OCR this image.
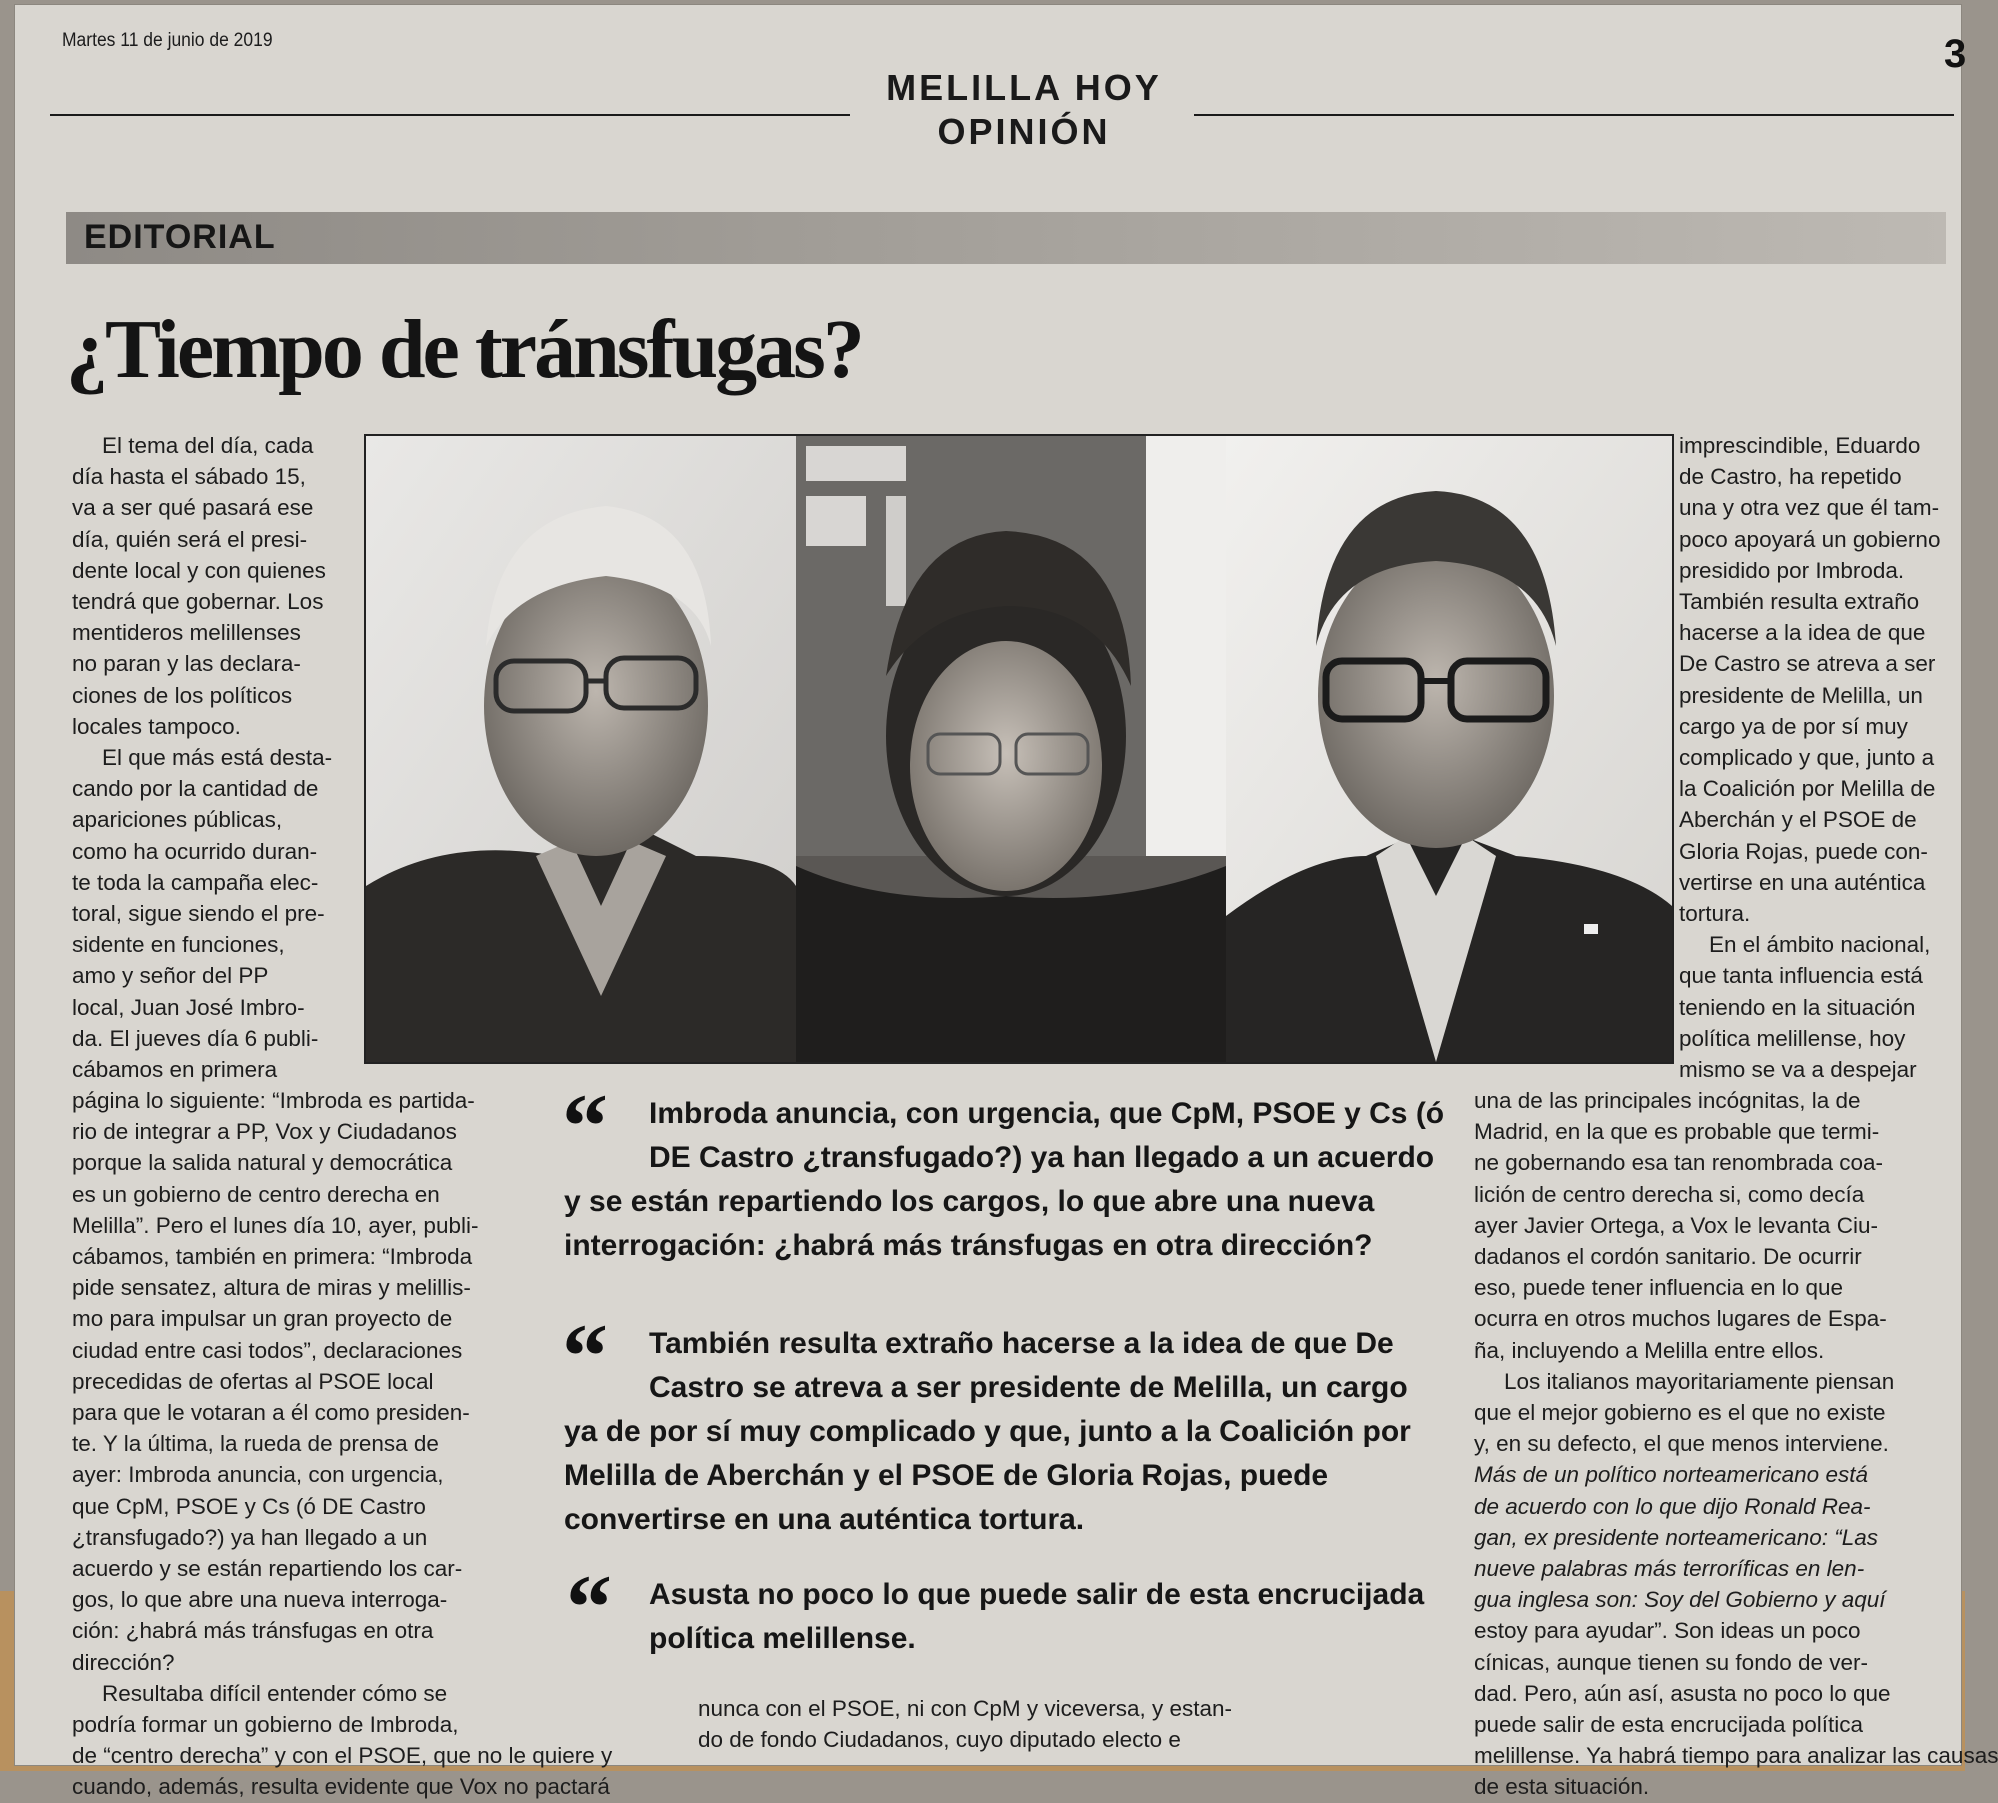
Martes 11 de junio de 2019	3
MELILLA HOY
OPINIÓN
EDITORIAL
¿Tiempo de tránsfugas?
El tema del día, cada
día hasta el sábado 15,
va a ser qué pasará ese
día, quién será el presi-
dente local y con quienes
tendrá que gobernar. Los
mentideros melillenses
no paran y las declara-
ciones de los políticos
locales tampoco.
El que más está desta-
cando por la cantidad de
apariciones públicas,
como ha ocurrido duran-
te toda la campaña elec-
toral, sigue siendo el pre-
sidente en funciones,
amo y señor del PP
local, Juan José Imbro-
da. El jueves día 6 publi-
cábamos en primera
página lo siguiente: “Imbroda es partida-
rio de integrar a PP, Vox y Ciudadanos
porque la salida natural y democrática
es un gobierno de centro derecha en
Melilla”. Pero el lunes día 10, ayer, publi-
cábamos, también en primera: “Imbroda
pide sensatez, altura de miras y melillis-
mo para impulsar un gran proyecto de
ciudad entre casi todos”, declaraciones
precedidas de ofertas al PSOE local
para que le votaran a él como presiden-
te. Y la última, la rueda de prensa de
ayer: Imbroda anuncia, con urgencia,
que CpM, PSOE y Cs (ó DE Castro
¿transfugado?) ya han llegado a un
acuerdo y se están repartiendo los car-
gos, lo que abre una nueva interroga-
ción: ¿habrá más tránsfugas en otra
dirección?
Resultaba difícil entender cómo se
podría formar un gobierno de Imbroda,
de “centro derecha” y con el PSOE, que no le quiere y
cuando, además, resulta evidente que Vox no pactará
nunca con el PSOE, ni con CpM y viceversa, y estan-
do de fondo Ciudadanos, cuyo diputado electo e
imprescindible, Eduardo
de Castro, ha repetido
una y otra vez que él tam-
poco apoyará un gobierno
presidido por Imbroda.
También resulta extraño
hacerse a la idea de que
De Castro se atreva a ser
presidente de Melilla, un
cargo ya de por sí muy
complicado y que, junto a
la Coalición por Melilla de
Aberchán y el PSOE de
Gloria Rojas, puede con-
vertirse en una auténtica
tortura.
En el ámbito nacional,
que tanta influencia está
teniendo en la situación
política melillense, hoy
mismo se va a despejar
una de las principales incógnitas, la de
Madrid, en la que es probable que termi-
ne gobernando esa tan renombrada coa-
lición de centro derecha si, como decía
ayer Javier Ortega, a Vox le levanta Ciu-
dadanos el cordón sanitario. De ocurrir
eso, puede tener influencia en lo que
ocurra en otros muchos lugares de Espa-
ña, incluyendo a Melilla entre ellos.
Los italianos mayoritariamente piensan
que el mejor gobierno es el que no existe
y, en su defecto, el que menos interviene.
Más de un político norteamericano está
de acuerdo con lo que dijo Ronald Rea-
gan, ex presidente norteamericano: “Las
nueve palabras más terroríficas en len-
gua inglesa son: Soy del Gobierno y aquí
estoy para ayudar”. Son ideas un poco
cínicas, aunque tienen su fondo de ver-
dad. Pero, aún así, asusta no poco lo que
puede salir de esta encrucijada política
melillense. Ya habrá tiempo para analizar las causas
de esta situación.
“	Imbroda anuncia, con urgencia, que CpM, PSOE y Cs (ó
DE Castro ¿transfugado?) ya han llegado a un acuerdo
y se están repartiendo los cargos, lo que abre una nueva
interrogación: ¿habrá más tránsfugas en otra dirección?
“	También resulta extraño hacerse a la idea de que De
Castro se atreva a ser presidente de Melilla, un cargo
ya de por sí muy complicado y que, junto a la Coalición por
Melilla de Aberchán y el PSOE de Gloria Rojas, puede
convertirse en una auténtica tortura.
“	Asusta no poco lo que puede salir de esta encrucijada
política melillense.
